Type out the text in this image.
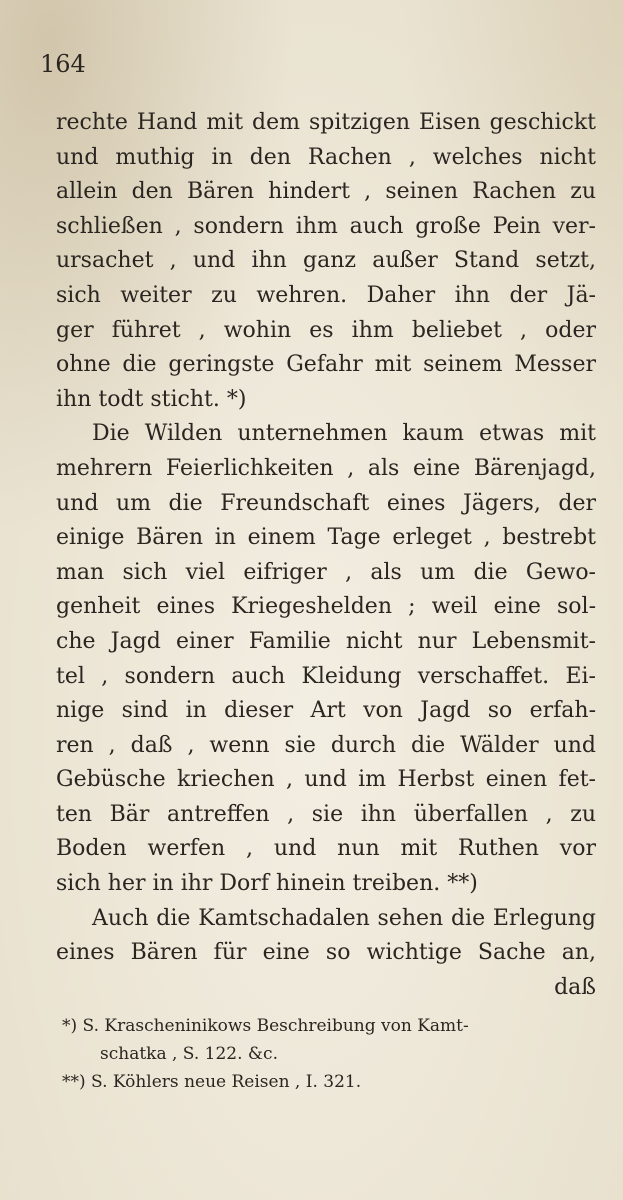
164
rechte Hand mit dem spitzigen Eisen geschickt
und muthig in den Rachen , welches nicht
allein den Bären hindert , seinen Rachen zu
schließen , sondern ihm auch große Pein ver-
ursachet , und ihn ganz außer Stand setzt,
sich weiter zu wehren. Daher ihn der Jä-
ger führet , wohin es ihm beliebet , oder
ohne die geringste Gefahr mit seinem Messer
ihn todt sticht. *)
Die Wilden unternehmen kaum etwas mit
mehrern Feierlichkeiten , als eine Bärenjagd,
und um die Freundschaft eines Jägers, der
einige Bären in einem Tage erleget , bestrebt
man sich viel eifriger , als um die Gewo-
genheit eines Kriegeshelden ; weil eine sol-
che Jagd einer Familie nicht nur Lebensmit-
tel , sondern auch Kleidung verschaffet. Ei-
nige sind in dieser Art von Jagd so erfah-
ren , daß , wenn sie durch die Wälder und
Gebüsche kriechen , und im Herbst einen fet-
ten Bär antreffen , sie ihn überfallen , zu
Boden werfen , und nun mit Ruthen vor
sich her in ihr Dorf hinein treiben. **)
Auch die Kamtschadalen sehen die Erlegung
eines Bären für eine so wichtige Sache an,
daß
*) S. Krascheninikows Beschreibung von Kamt-
schatka , S. 122. &c.
**) S. Köhlers neue Reisen , I. 321.
